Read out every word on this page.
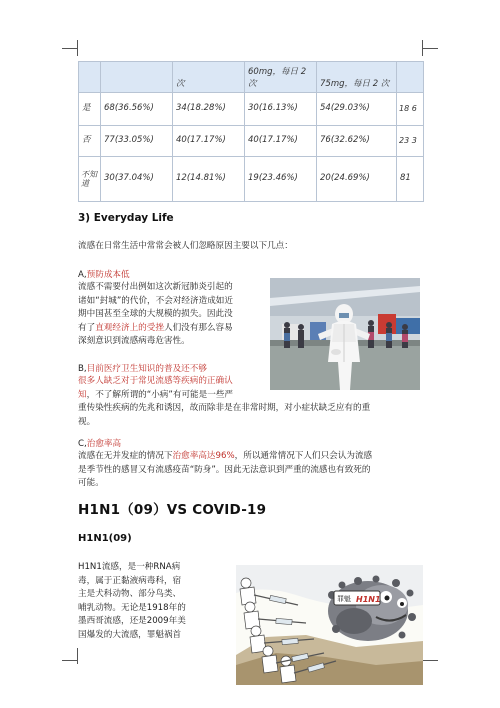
		次	60mg，每日 2 次	75mg，每日 2 次	
是	68(36.56%)	34(18.28%)	30(16.13%)	54(29.03%)	18 6
否	77(33.05%)	40(17.17%)	40(17.17%)	76(32.62%)	23 3
不知道	30(37.04%)	12(14.81%)	19(23.46%)	20(24.69%)	81
3) Everyday Life
流感在日常生活中常常会被人们忽略原因主要以下几点：
A,预防成本低
流感不需要付出例如这次新冠肺炎引起的
诸如“封城”的代价，不会对经济造成如近
期中国甚至全球的大规模的损失。因此没
有了直观经济上的受挫人们没有那么容易
深刻意识到流感病毒危害性。
B,目前医疗卫生知识的普及还不够
很多人缺乏对于常见流感等疾病的正确认
知，不了解所谓的“小病”有可能是一些严
重传染性疾病的先兆和诱因，故而除非是在非常时期，对小症状缺乏应有的重
视。
C,治愈率高
流感在无并发症的情况下治愈率高达96%，所以通常情况下人们只会认为流感
是季节性的感冒又有流感疫苗“防身”。因此无法意识到严重的流感也有致死的
可能。
H1N1（09）VS COVID-19
H1N1(09)
H1N1流感，是一种RNA病
毒，属于正黏液病毒科，宿
主是犬科动物、部分鸟类、
哺乳动物。无论是1918年的
墨西哥流感，还是2009年美
国爆发的大流感，罪魁祸首
罪魁 H1N1
